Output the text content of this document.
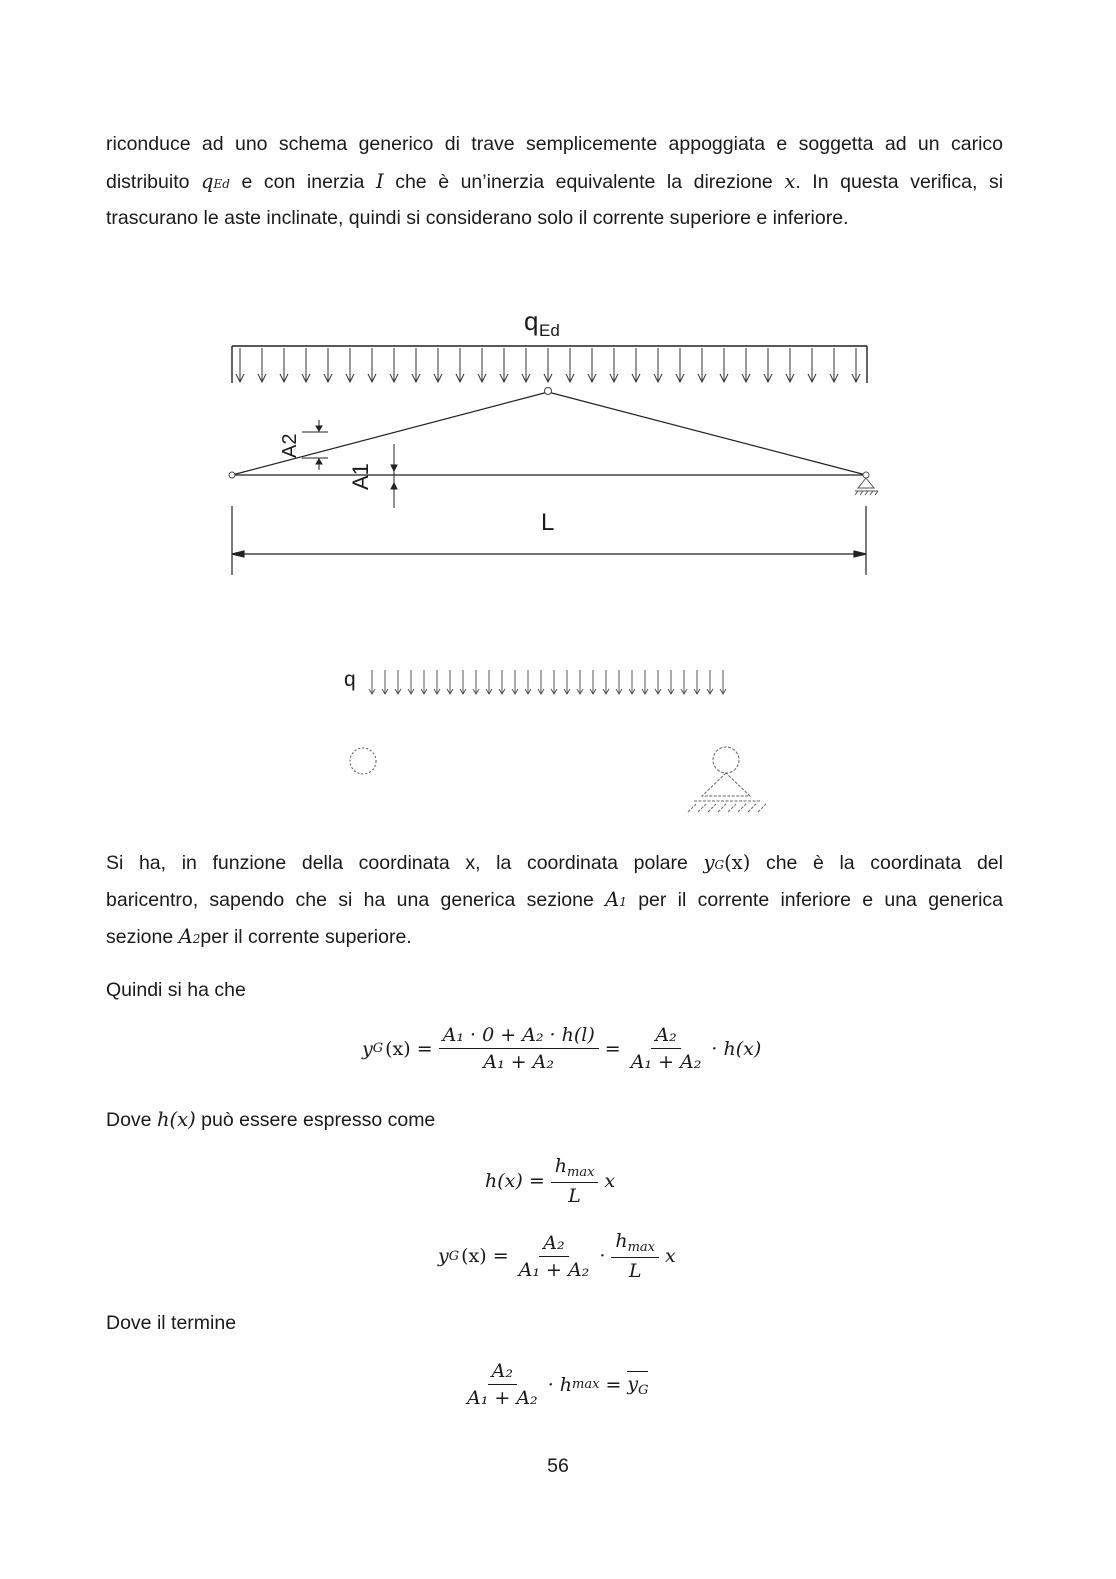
riconduce ad uno schema generico di trave semplicemente appoggiata e soggetta ad un carico
distribuito qEd e con inerzia I che è un’inerzia equivalente la direzione x. In questa verifica, si
trascurano le aste inclinate, quindi si considerano solo il corrente superiore e inferiore.
q Ed
A2
A1
L
q
Si ha, in funzione della coordinata x, la coordinata polare yG(x) che è la coordinata del
baricentro, sapendo che si ha una generica sezione A1 per il corrente inferiore e una generica
sezione A2per il corrente superiore.
Quindi si ha che
y G $(x) = \frac{\text{A₁ · 0 + A₂ · h(l)}}{\text{A₁ + A₂}} = \frac{\text{A₂}}{\text{A₁ + A₂}} \cdot h(x)$
Dove h(x) può essere espresso come
$h(x) = \frac{h_{max}}{L}$ x
y G $(x) = \frac{\text{A₂}}{\text{A₁ + A₂}} \cdot \frac{h_{max}}{L}$ x
Dove il termine
$\frac{\text{A₂}}{\text{A₁ + A₂}} \cdot h$ $\max = y_G$
56
